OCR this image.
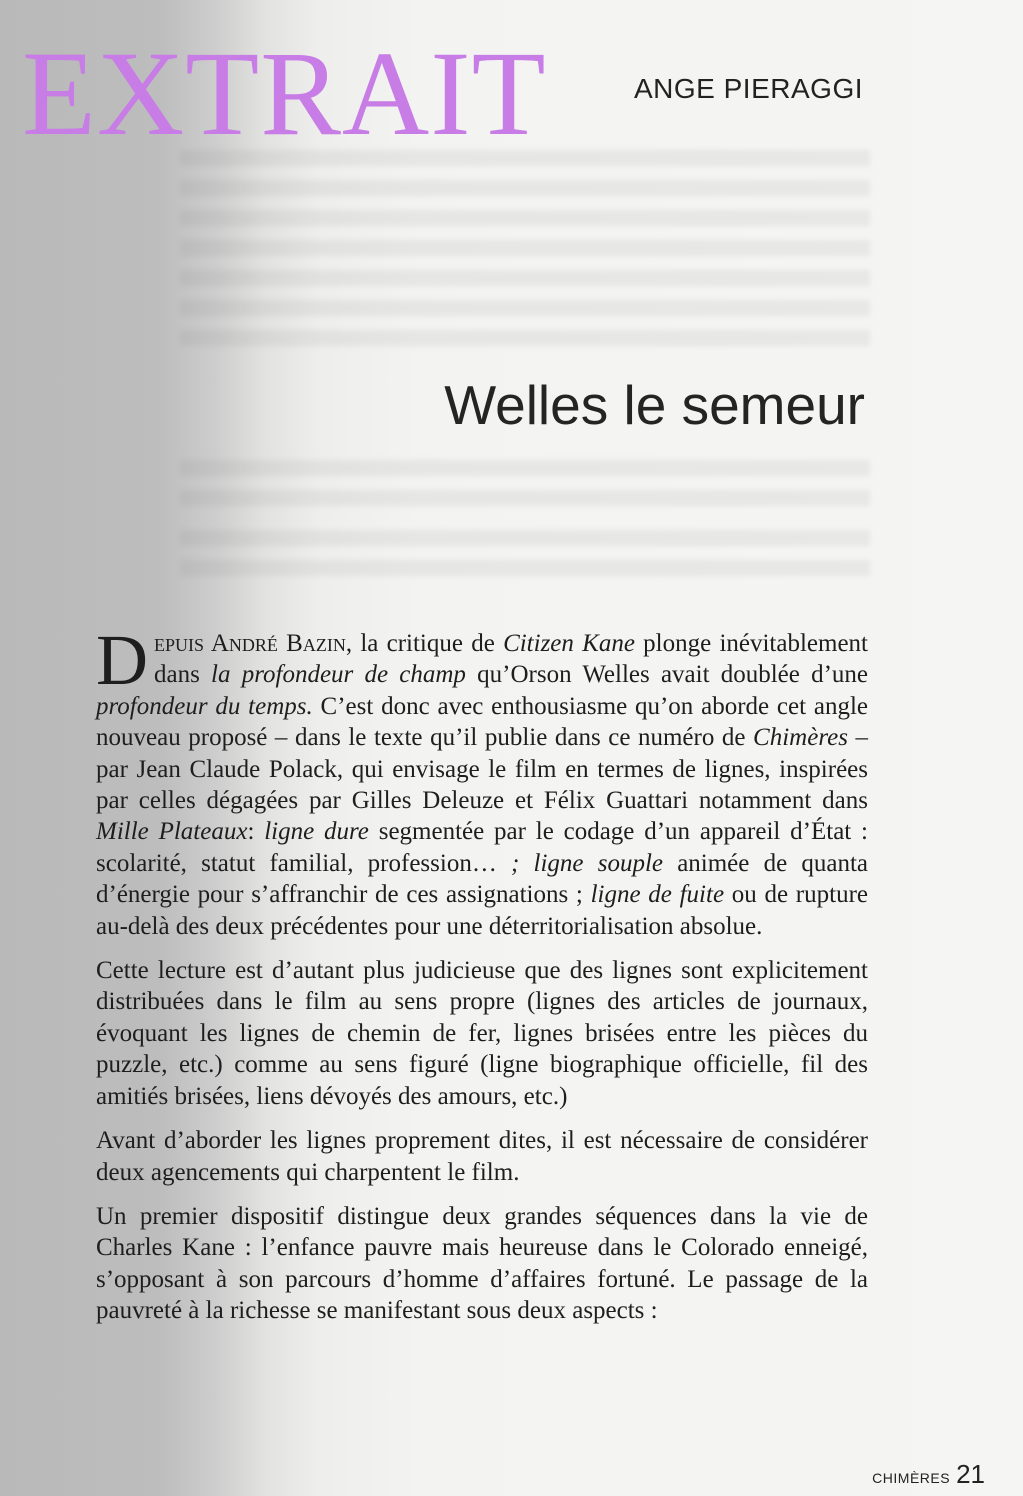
EXTRAIT	ANGE PIERAGGI
Welles le semeur

Depuis André Bazin, la critique de Citizen Kane plonge inévitablement dans la profondeur de champ qu’Orson Welles avait doublée d’une profondeur du temps. C’est donc avec enthousiasme qu’on aborde cet angle nouveau proposé – dans le texte qu’il publie dans ce numéro de Chimères – par Jean Claude Polack, qui envisage le film en termes de lignes, inspirées par celles dégagées par Gilles Deleuze et Félix Guattari notamment dans Mille Plateaux: ligne dure segmentée par le codage d’un appareil d’État : scolarité, statut familial, profession… ; ligne souple animée de quanta d’énergie pour s’affranchir de ces assignations ; ligne de fuite ou de rupture au-delà des deux précédentes pour une déterritorialisation absolue.

Cette lecture est d’autant plus judicieuse que des lignes sont explicitement distribuées dans le film au sens propre (lignes des articles de journaux, évoquant les lignes de chemin de fer, lignes brisées entre les pièces du puzzle, etc.) comme au sens figuré (ligne biographique officielle, fil des amitiés brisées, liens dévoyés des amours, etc.)

Avant d’aborder les lignes proprement dites, il est nécessaire de considérer deux agencements qui charpentent le film.

Un premier dispositif distingue deux grandes séquences dans la vie de Charles Kane : l’enfance pauvre mais heureuse dans le Colorado enneigé, s’opposant à son parcours d’homme d’affaires fortuné. Le passage de la pauvreté à la richesse se manifestant sous deux aspects :

CHIMÈRES 21
